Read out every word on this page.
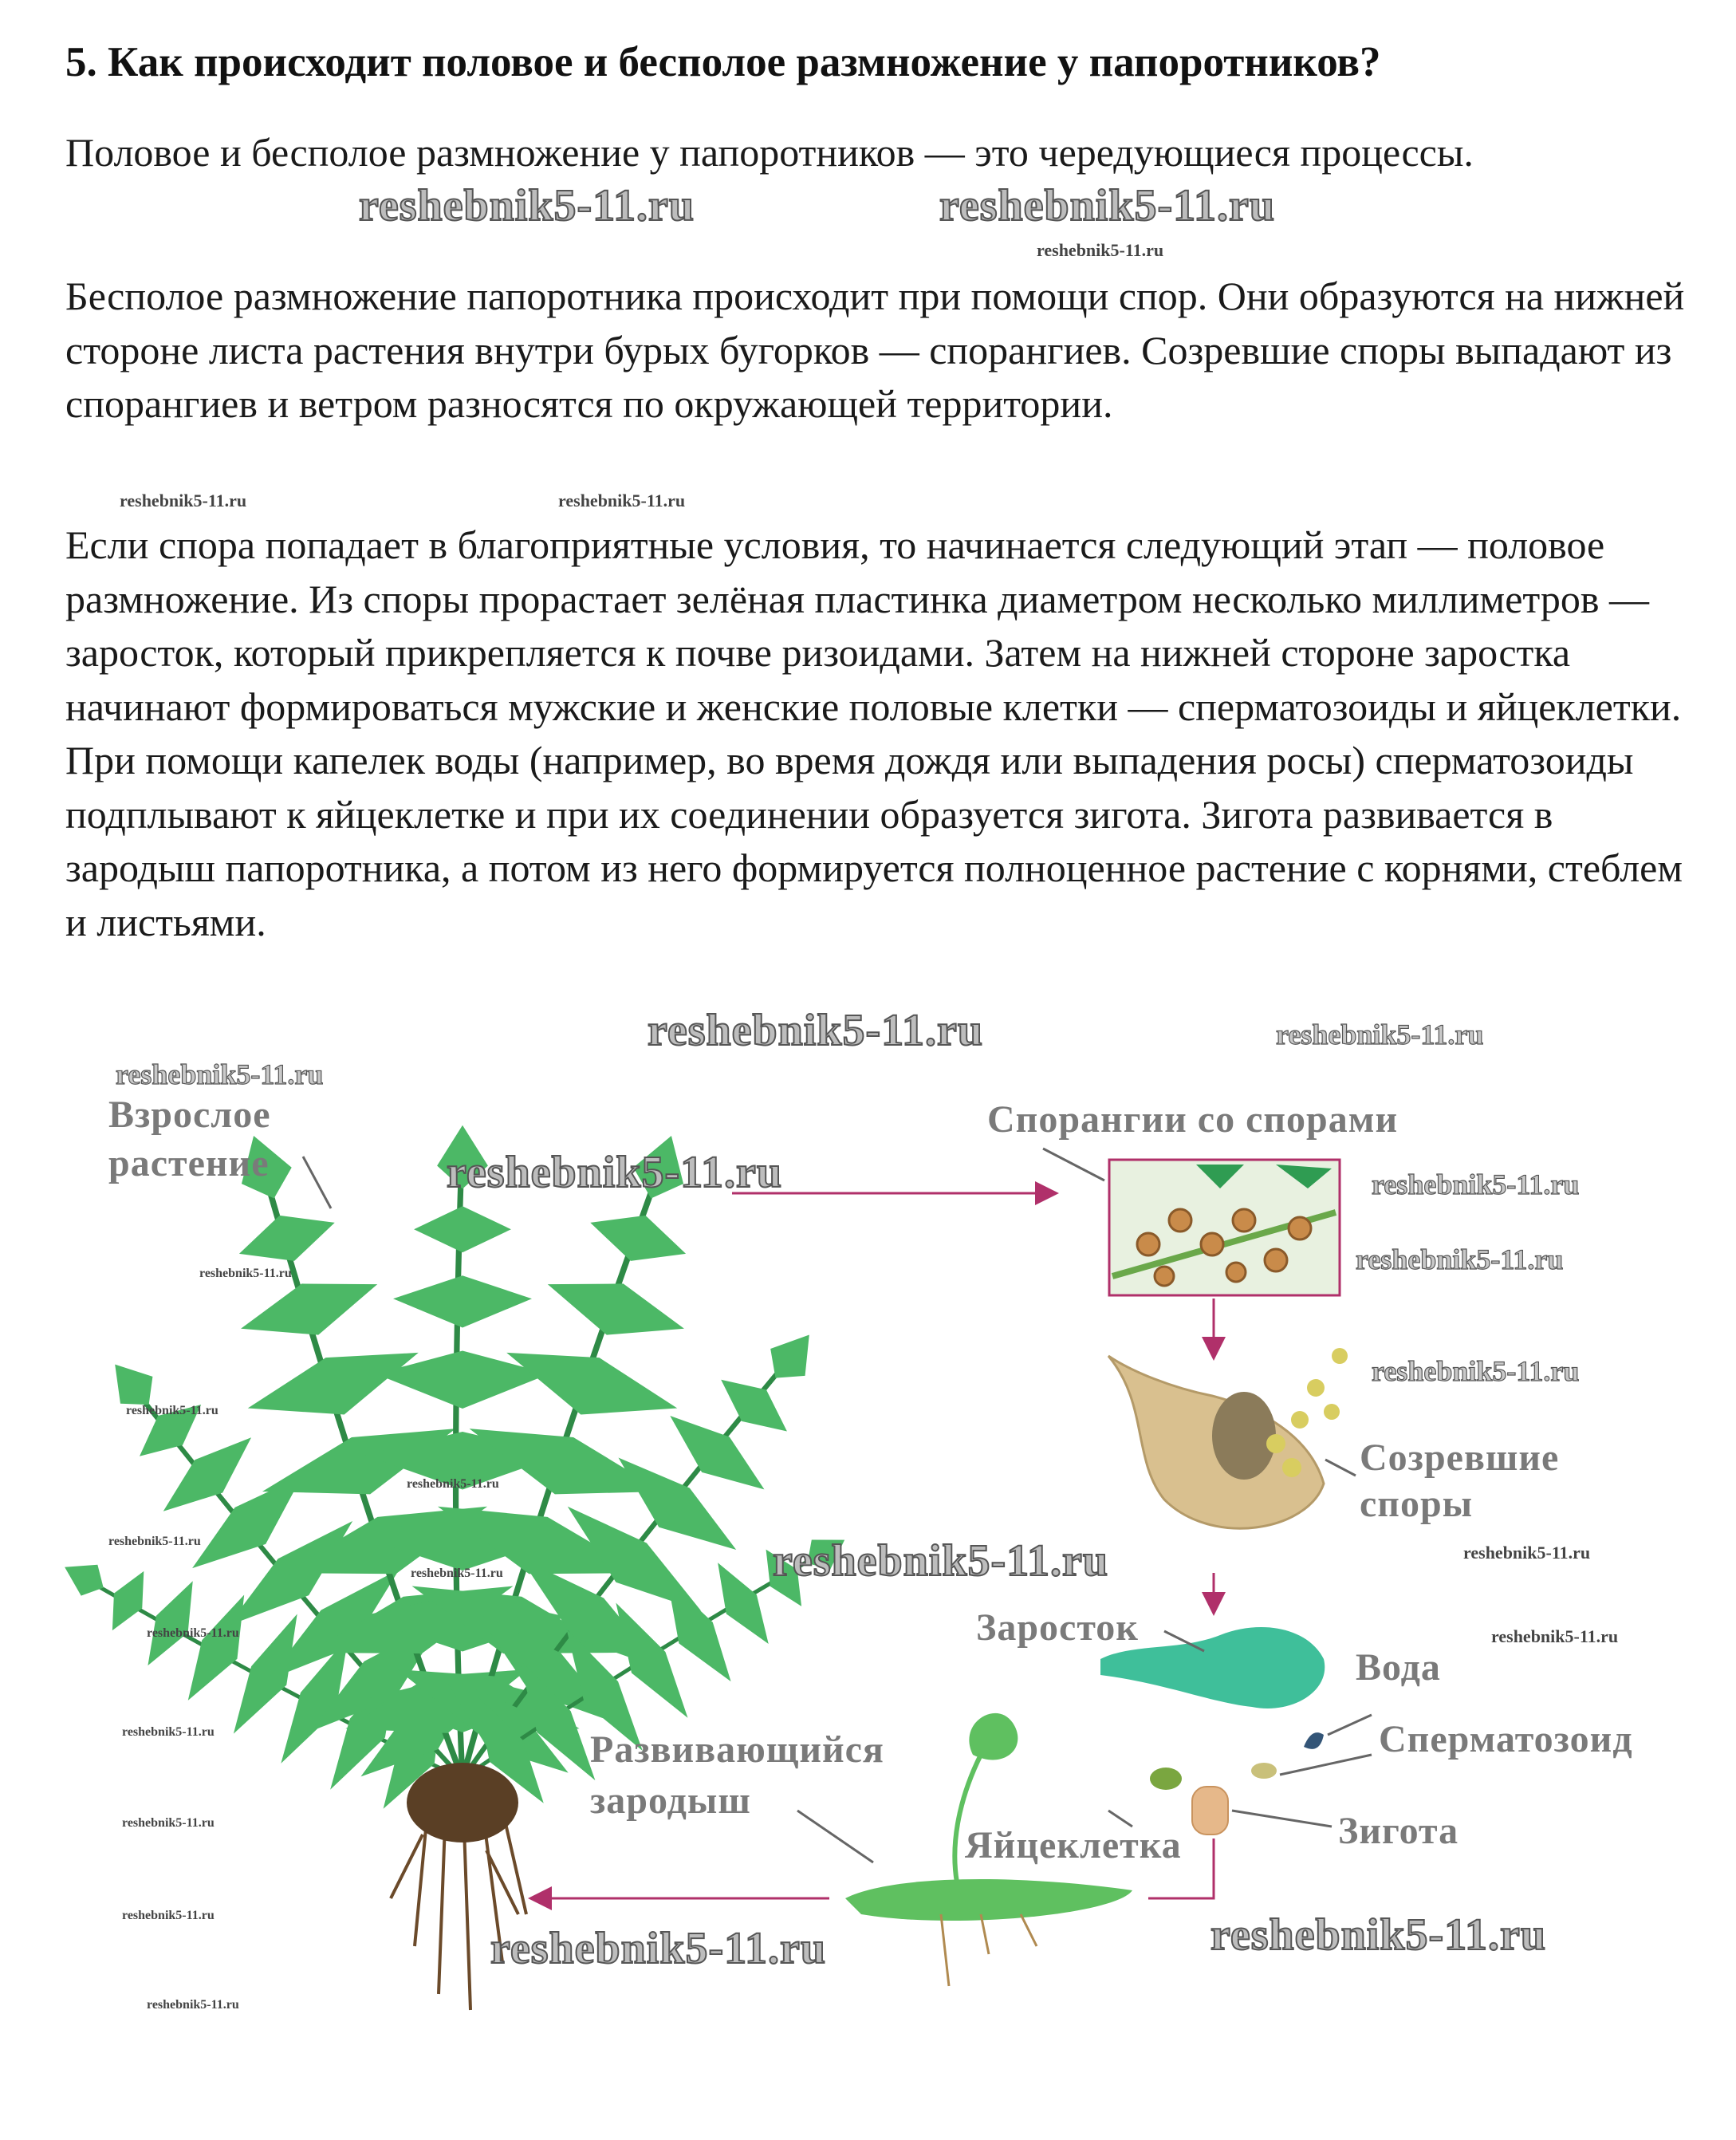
5. Как происходит половое и бесполое размножение у папоротников?

Половое и бесполое размножение у папоротников — это чередующиеся процессы.

Бесполое размножение папоротника происходит при помощи спор. Они образуются на нижней стороне листа растения внутри бурых бугорков — спорангиев. Созревшие споры выпадают из спорангиев и ветром разносятся по окружающей территории.

Если спора попадает в благоприятные условия, то начинается следующий этап — половое размножение. Из споры прорастает зелёная пластинка диаметром несколько миллиметров — заросток, который прикрепляется к почве ризоидами. Затем на нижней стороне заростка начинают формироваться мужские и женские половые клетки — сперматозоиды и яйцеклетки. При помощи капелек воды (например, во время дождя или выпадения росы) сперматозоиды подплывают к яйцеклетке и при их соединении образуется зигота. Зигота развивается в зародыш папоротника, а потом из него формируется полноценное растение с корнями, стеблем и листьями.

Взрослое
растение
Спорангии со спорами
Созревшие
споры
Заросток
Вода
Сперматозоид
Зигота
Яйцеклетка
Развивающийся
зародыш
reshebnik5-11.ru	reshebnik5-11.ru
reshebnik5-11.ru
reshebnik5-11.ru
reshebnik5-11.ru
reshebnik5-11.ru	reshebnik5-11.ru
reshebnik5-11.ru
reshebnik5-11.ru
reshebnik5-11.ru
reshebnik5-11.ru
reshebnik5-11.ru
reshebnik5-11.ru	reshebnik5-11.ru
reshebnik5-11.ru
reshebnik5-11.ru
reshebnik5-11.ru
reshebnik5-11.ru
reshebnik5-11.ru
reshebnik5-11.ru
reshebnik5-11.ru
reshebnik5-11.ru
reshebnik5-11.ru
reshebnik5-11.ru
reshebnik5-11.ru
reshebnik5-11.ru
reshebnik5-11.ru
